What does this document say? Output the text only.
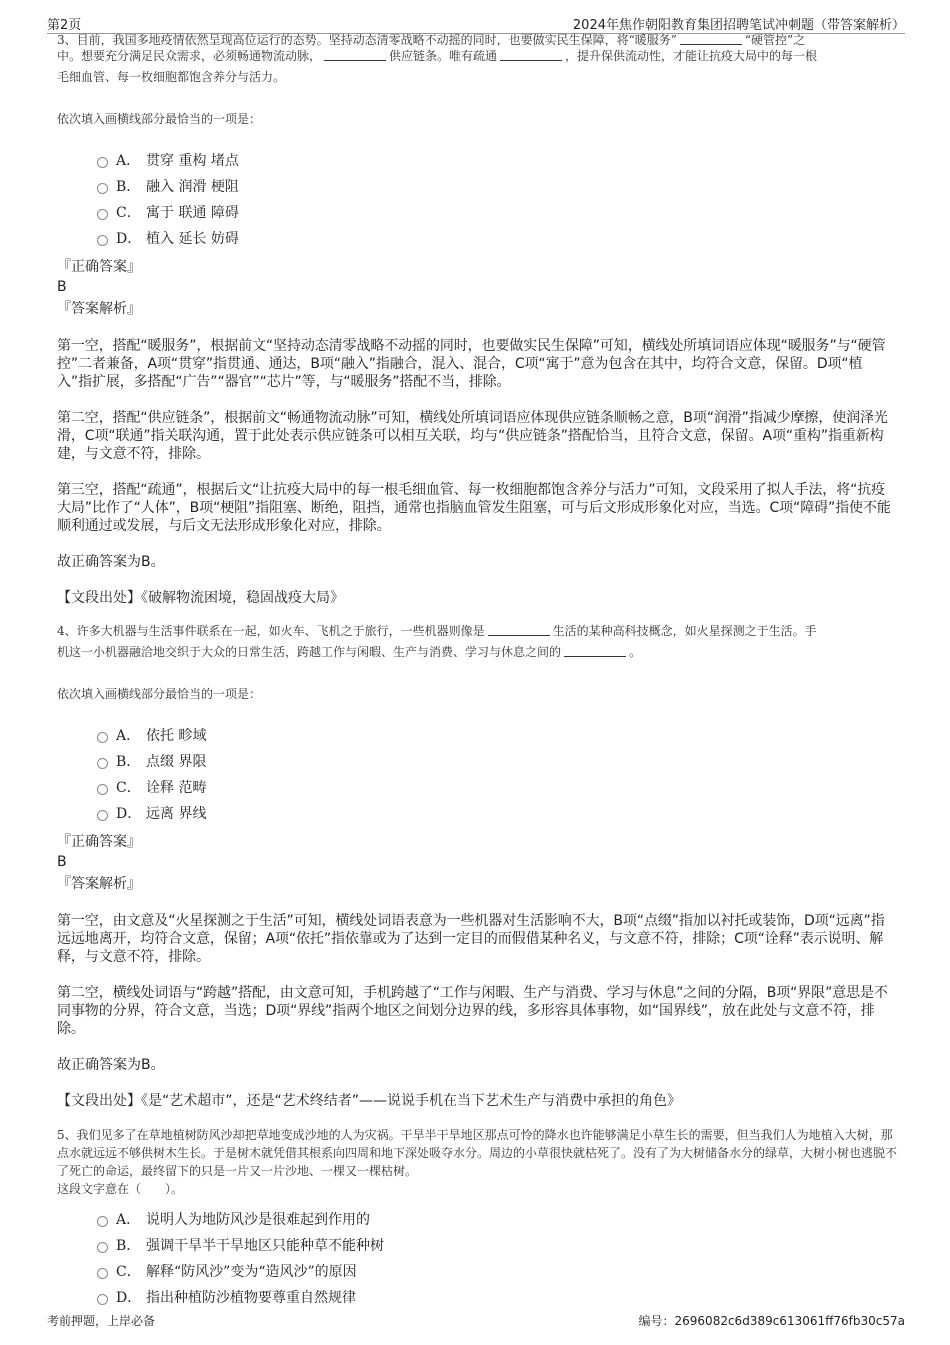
第2页	2024年焦作朝阳教育集团招聘笔试冲刺题（带答案解析）
3、目前，我国多地疫情依然呈现高位运行的态势。坚持动态清零战略不动摇的同时，也要做实民生保障，将“暖服务”	“硬管控”之
中。想要充分满足民众需求，必须畅通物流动脉，	供应链条。唯有疏通	，提升保供流动性，才能让抗疫大局中的每一根
毛细血管、每一枚细胞都饱含养分与活力。
依次填入画横线部分最恰当的一项是：
A． 贯穿 重构 堵点
B． 融入 润滑 梗阻
C． 寓于 联通 障碍
D． 植入 延长 妨碍
『正确答案』
B
『答案解析』
第一空，搭配“暖服务”，根据前文“坚持动态清零战略不动摇的同时，也要做实民生保障”可知，横线处所填词语应体现“暖服务”与“硬管控”二者兼备，A项“贯穿”指贯通、通达，B项“融入”指融合，混入、混合，C项“寓于”意为包含在其中，均符合文意，保留。D项“植入”指扩展，多搭配“广告”“器官”“芯片”等，与“暖服务”搭配不当，排除。
第二空，搭配“供应链条”，根据前文“畅通物流动脉”可知，横线处所填词语应体现供应链条顺畅之意，B项“润滑”指减少摩擦，使润泽光滑，C项“联通”指关联沟通，置于此处表示供应链条可以相互关联，均与“供应链条”搭配恰当，且符合文意，保留。A项“重构”指重新构建，与文意不符，排除。
第三空，搭配“疏通”，根据后文“让抗疫大局中的每一根毛细血管、每一枚细胞都饱含养分与活力”可知，文段采用了拟人手法，将“抗疫大局”比作了“人体”，B项“梗阻”指阻塞、断绝，阻挡，通常也指脑血管发生阻塞，可与后文形成形象化对应，当选。C项“障碍”指使不能顺利通过或发展，与后文无法形成形象化对应，排除。
故正确答案为B。
【文段出处】《破解物流困境，稳固战疫大局》
4、许多大机器与生活事件联系在一起，如火车、飞机之于旅行，一些机器则像是	生活的某种高科技概念，如火星探测之于生活。手
机这一小机器融洽地交织于大众的日常生活，跨越工作与闲暇、生产与消费、学习与休息之间的	。
依次填入画横线部分最恰当的一项是：
A． 依托 畛域
B． 点缀 界限
C． 诠释 范畴
D． 远离 界线
『正确答案』
B
『答案解析』
第一空，由文意及“火星探测之于生活”可知，横线处词语表意为一些机器对生活影响不大，B项“点缀”指加以衬托或装饰，D项“远离”指远远地离开，均符合文意，保留；A项“依托”指依靠或为了达到一定目的而假借某种名义，与文意不符，排除；C项“诠释”表示说明、解释，与文意不符，排除。
第二空，横线处词语与“跨越”搭配，由文意可知，手机跨越了“工作与闲暇、生产与消费、学习与休息”之间的分隔，B项“界限”意思是不同事物的分界，符合文意，当选；D项“界线”指两个地区之间划分边界的线，多形容具体事物，如“国界线”，放在此处与文意不符，排除。
故正确答案为B。
【文段出处】《是“艺术超市”，还是“艺术终结者”——说说手机在当下艺术生产与消费中承担的角色》
5、我们见多了在草地植树防风沙却把草地变成沙地的人为灾祸。干旱半干旱地区那点可怜的降水也许能够满足小草生长的需要，但当我们人为地植入大树，那点水就远远不够供树木生长。于是树木就凭借其根系向四周和地下深处吸夺水分。周边的小草很快就枯死了。没有了为大树储备水分的绿草，大树小树也逃脱不了死亡的命运，最终留下的只是一片又一片沙地、一棵又一棵枯树。
这段文字意在（　　）。
A． 说明人为地防风沙是很难起到作用的
B． 强调干旱半干旱地区只能种草不能种树
C． 解释“防风沙”变为“造风沙”的原因
D． 指出种植防沙植物要尊重自然规律
考前押题，上岸必备	编号：2696082c6d389c613061ff76fb30c57a
